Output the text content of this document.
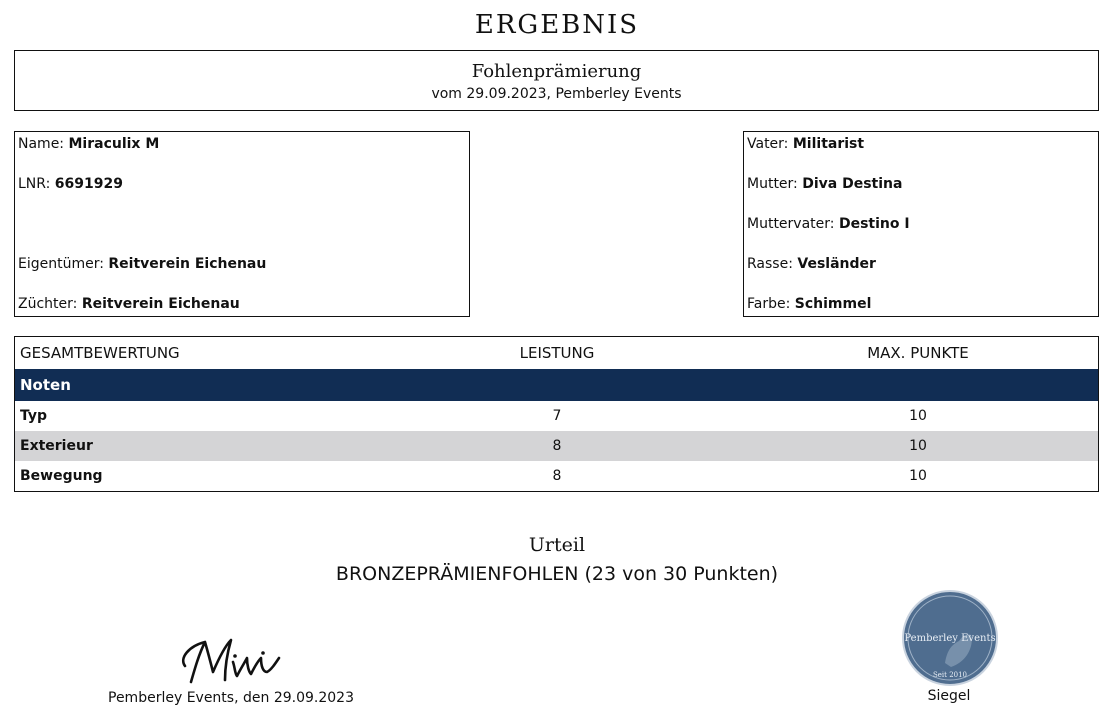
ERGEBNIS
Fohlenprämierung
vom 29.09.2023, Pemberley Events
Name: Miraculix M
LNR: 6691929
Eigentümer: Reitverein Eichenau
Züchter: Reitverein Eichenau
Vater: Militarist
Mutter: Diva Destina
Muttervater: Destino I
Rasse: Vesländer
Farbe: Schimmel
GESAMTBEWERTUNG	LEISTUNG	MAX. PUNKTE
Noten
Typ	7	10
Exterieur	8	10
Bewegung	8	10
Urteil
BRONZEPRÄMIENFOHLEN (23 von 30 Punkten)
Pemberley Events, den 29.09.2023
Pemberley Events
Seit 2010
Siegel
